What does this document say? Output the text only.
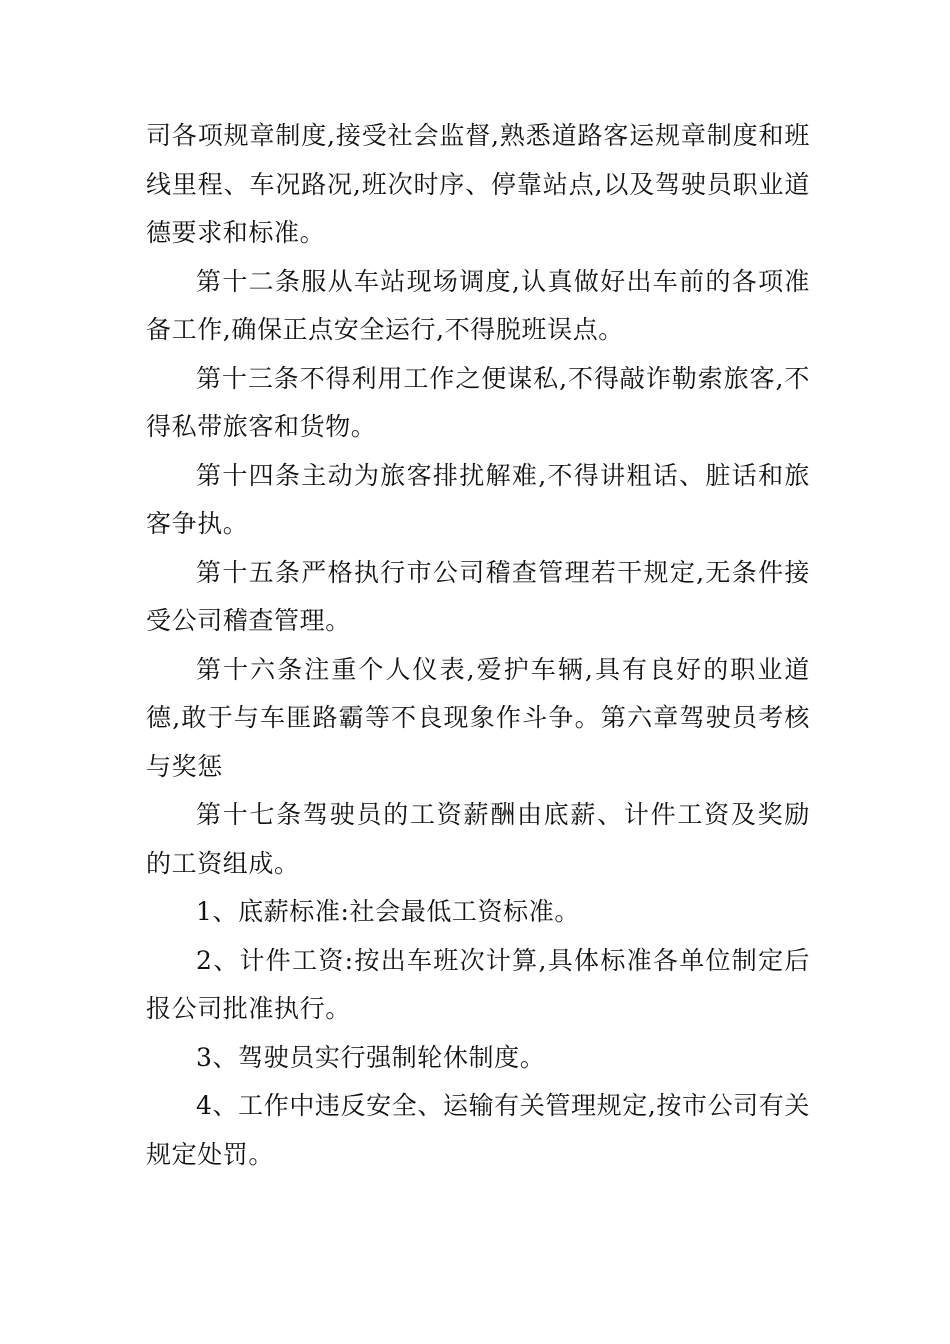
司各项规章制度,接受社会监督,熟悉道路客运规章制度和班线里程、车况路况,班次时序、停靠站点,以及驾驶员职业道德要求和标准。

第十二条服从车站现场调度,认真做好出车前的各项准备工作,确保正点安全运行,不得脱班误点。

第十三条不得利用工作之便谋私,不得敲诈勒索旅客,不得私带旅客和货物。

第十四条主动为旅客排扰解难,不得讲粗话、脏话和旅客争执。

第十五条严格执行市公司稽查管理若干规定,无条件接受公司稽查管理。

第十六条注重个人仪表,爱护车辆,具有良好的职业道德,敢于与车匪路霸等不良现象作斗争。第六章驾驶员考核与奖惩

第十七条驾驶员的工资薪酬由底薪、计件工资及奖励的工资组成。

1、底薪标准:社会最低工资标准。

2、计件工资:按出车班次计算,具体标准各单位制定后报公司批准执行。

3、驾驶员实行强制轮休制度。

4、工作中违反安全、运输有关管理规定,按市公司有关规定处罚。
